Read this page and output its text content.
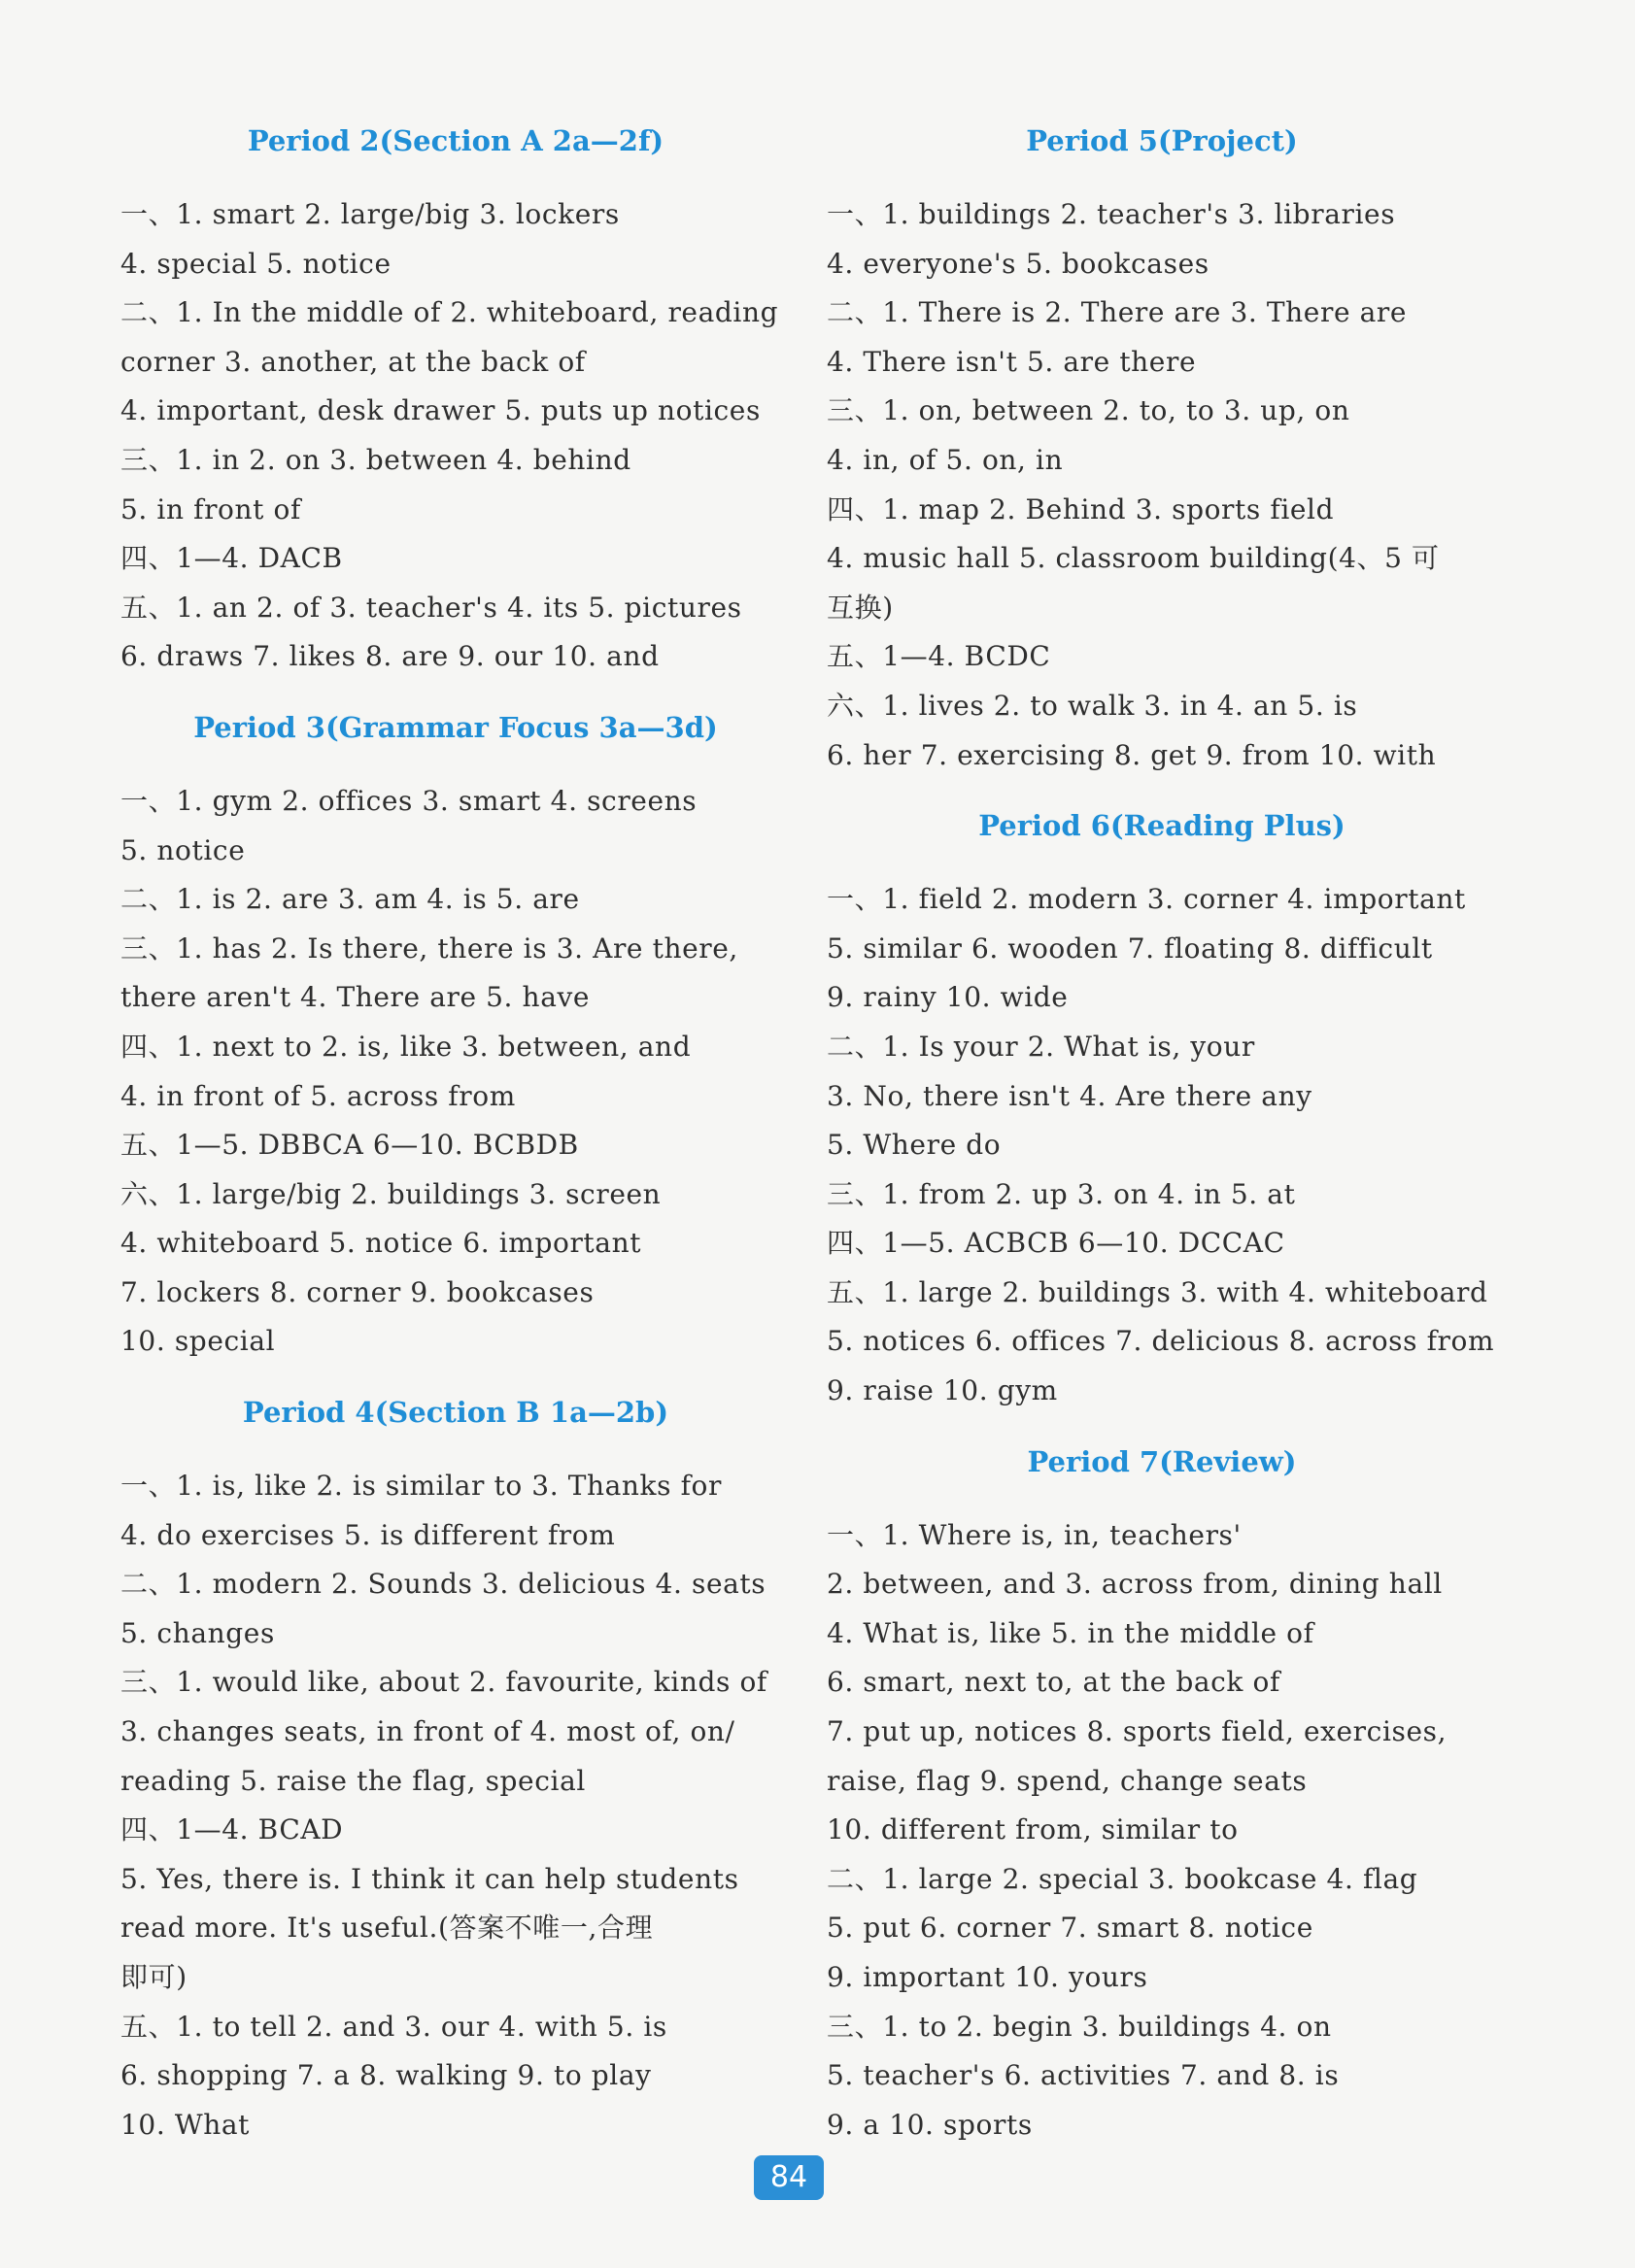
Period 2(Section A 2a—2f)
一、1. smart 2. large/big 3. lockers
4. special 5. notice
二、1. In the middle of 2. whiteboard, reading
corner 3. another, at the back of
4. important, desk drawer 5. puts up notices
三、1. in 2. on 3. between 4. behind
5. in front of
四、1—4. DACB
五、1. an 2. of 3. teacher's 4. its 5. pictures
6. draws 7. likes 8. are 9. our 10. and
Period 3(Grammar Focus 3a—3d)
一、1. gym 2. offices 3. smart 4. screens
5. notice
二、1. is 2. are 3. am 4. is 5. are
三、1. has 2. Is there, there is 3. Are there,
there aren't 4. There are 5. have
四、1. next to 2. is, like 3. between, and
4. in front of 5. across from
五、1—5. DBBCA 6—10. BCBDB
六、1. large/big 2. buildings 3. screen
4. whiteboard 5. notice 6. important
7. lockers 8. corner 9. bookcases
10. special
Period 4(Section B 1a—2b)
一、1. is, like 2. is similar to 3. Thanks for
4. do exercises 5. is different from
二、1. modern 2. Sounds 3. delicious 4. seats
5. changes
三、1. would like, about 2. favourite, kinds of
3. changes seats, in front of 4. most of, on/
reading 5. raise the flag, special
四、1—4. BCAD
5. Yes, there is. I think it can help students
read more. It's useful.(答案不唯一,合理
即可)
五、1. to tell 2. and 3. our 4. with 5. is
6. shopping 7. a 8. walking 9. to play
10. What
Period 5(Project)
一、1. buildings 2. teacher's 3. libraries
4. everyone's 5. bookcases
二、1. There is 2. There are 3. There are
4. There isn't 5. are there
三、1. on, between 2. to, to 3. up, on
4. in, of 5. on, in
四、1. map 2. Behind 3. sports field
4. music hall 5. classroom building(4、5 可
互换)
五、1—4. BCDC
六、1. lives 2. to walk 3. in 4. an 5. is
6. her 7. exercising 8. get 9. from 10. with
Period 6(Reading Plus)
一、1. field 2. modern 3. corner 4. important
5. similar 6. wooden 7. floating 8. difficult
9. rainy 10. wide
二、1. Is your 2. What is, your
3. No, there isn't 4. Are there any
5. Where do
三、1. from 2. up 3. on 4. in 5. at
四、1—5. ACBCB 6—10. DCCAC
五、1. large 2. buildings 3. with 4. whiteboard
5. notices 6. offices 7. delicious 8. across from
9. raise 10. gym
Period 7(Review)
一、1. Where is, in, teachers'
2. between, and 3. across from, dining hall
4. What is, like 5. in the middle of
6. smart, next to, at the back of
7. put up, notices 8. sports field, exercises,
raise, flag 9. spend, change seats
10. different from, similar to
二、1. large 2. special 3. bookcase 4. flag
5. put 6. corner 7. smart 8. notice
9. important 10. yours
三、1. to 2. begin 3. buildings 4. on
5. teacher's 6. activities 7. and 8. is
9. a 10. sports
84
